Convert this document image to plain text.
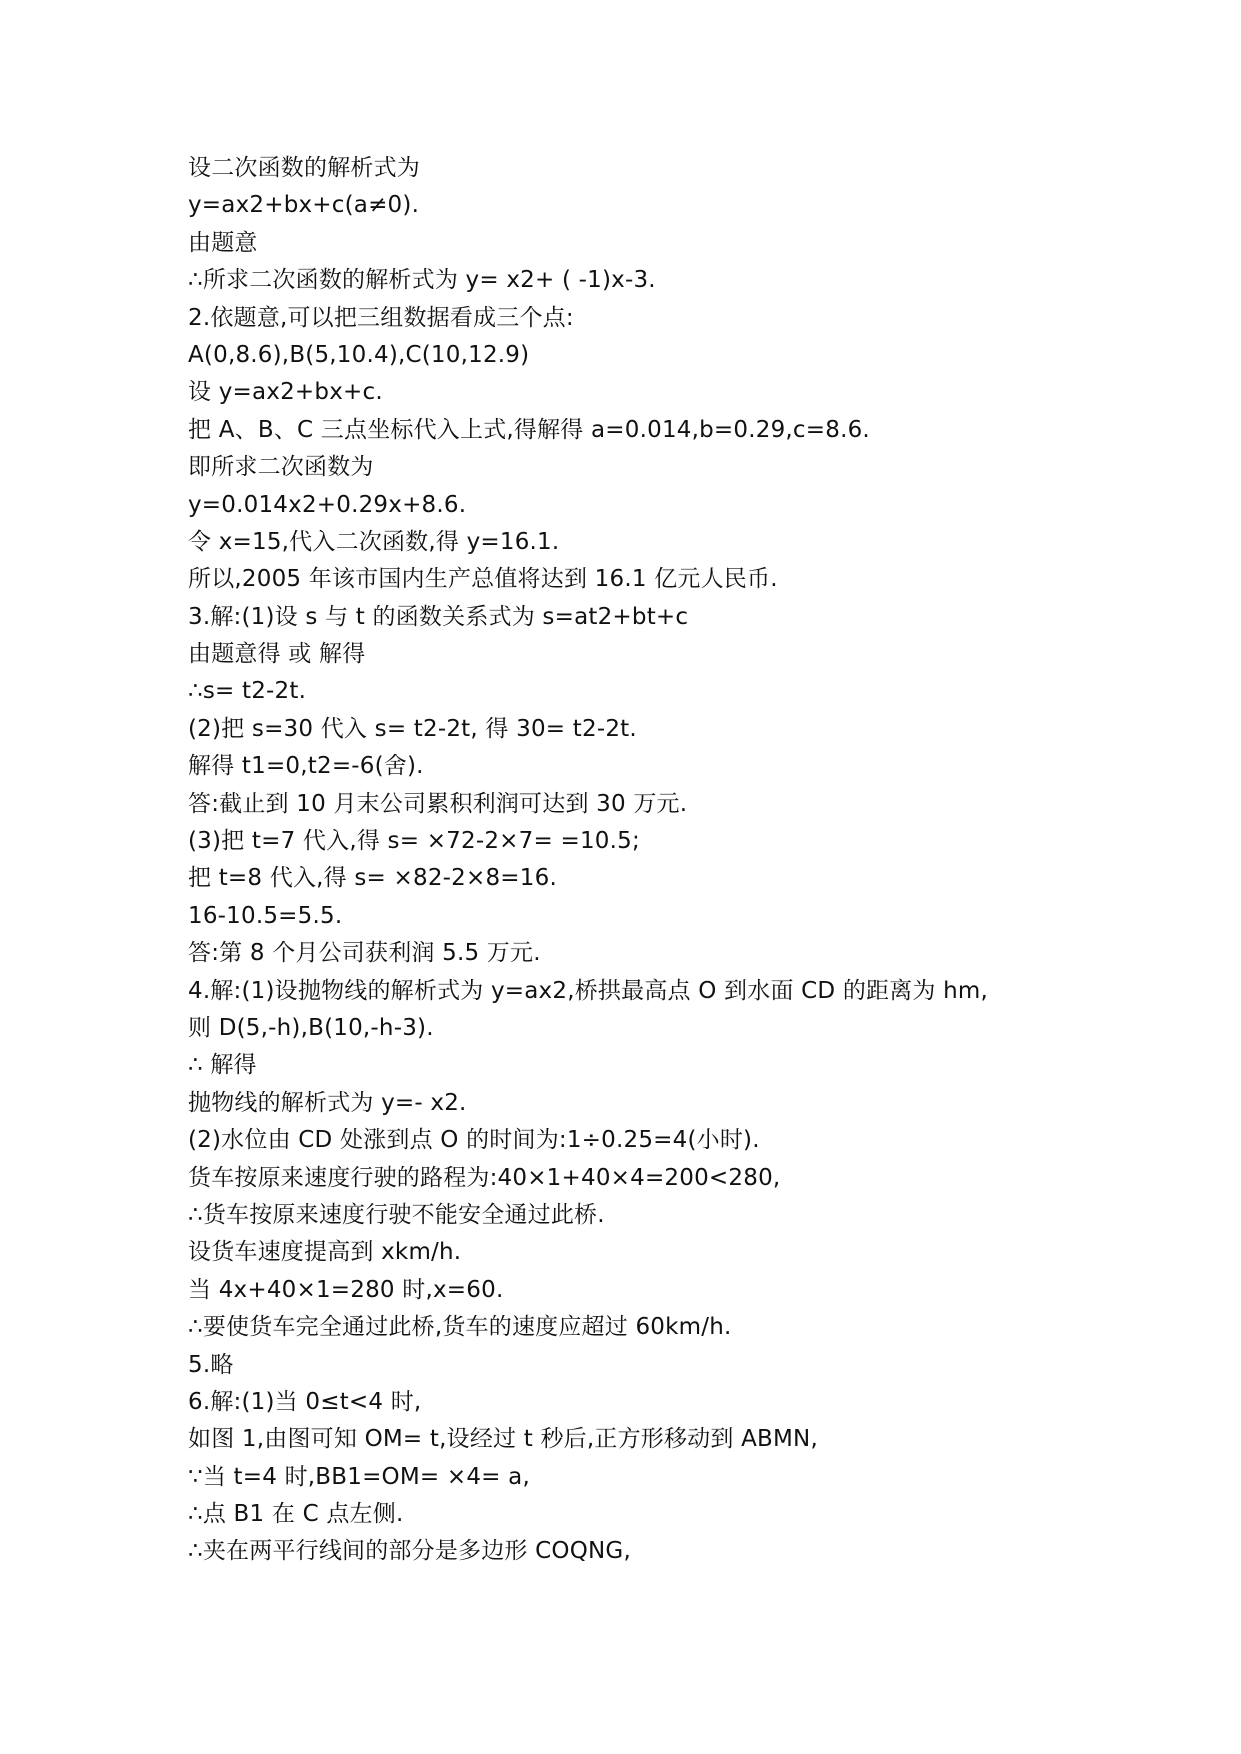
设二次函数的解析式为
y=ax2+bx+c(a≠0).
由题意
∴所求二次函数的解析式为 y= x2+ ( -1)x-3.
2.依题意,可以把三组数据看成三个点:
A(0,8.6),B(5,10.4),C(10,12.9)
设 y=ax2+bx+c.
把 A、B、C 三点坐标代入上式,得解得 a=0.014,b=0.29,c=8.6.
即所求二次函数为
y=0.014x2+0.29x+8.6.
令 x=15,代入二次函数,得 y=16.1.
所以,2005 年该市国内生产总值将达到 16.1 亿元人民币.
3.解:(1)设 s 与 t 的函数关系式为 s=at2+bt+c
由题意得 或 解得
∴s= t2-2t.
(2)把 s=30 代入 s= t2-2t, 得 30= t2-2t.
解得 t1=0,t2=-6(舍).
答:截止到 10 月末公司累积利润可达到 30 万元.
(3)把 t=7 代入,得 s= ×72-2×7= =10.5;
把 t=8 代入,得 s= ×82-2×8=16.
16-10.5=5.5.
答:第 8 个月公司获利润 5.5 万元.
4.解:(1)设抛物线的解析式为 y=ax2,桥拱最高点 O 到水面 CD 的距离为 hm,
则 D(5,-h),B(10,-h-3).
∴ 解得
抛物线的解析式为 y=- x2.
(2)水位由 CD 处涨到点 O 的时间为:1÷0.25=4(小时).
货车按原来速度行驶的路程为:40×1+40×4=200<280,
∴货车按原来速度行驶不能安全通过此桥.
设货车速度提高到 xkm/h.
当 4x+40×1=280 时,x=60.
∴要使货车完全通过此桥,货车的速度应超过 60km/h.
5.略
6.解:(1)当 0≤t<4 时,
如图 1,由图可知 OM= t,设经过 t 秒后,正方形移动到 ABMN,
∵当 t=4 时,BB1=OM= ×4= a,
∴点 B1 在 C 点左侧.
∴夹在两平行线间的部分是多边形 COQNG,
